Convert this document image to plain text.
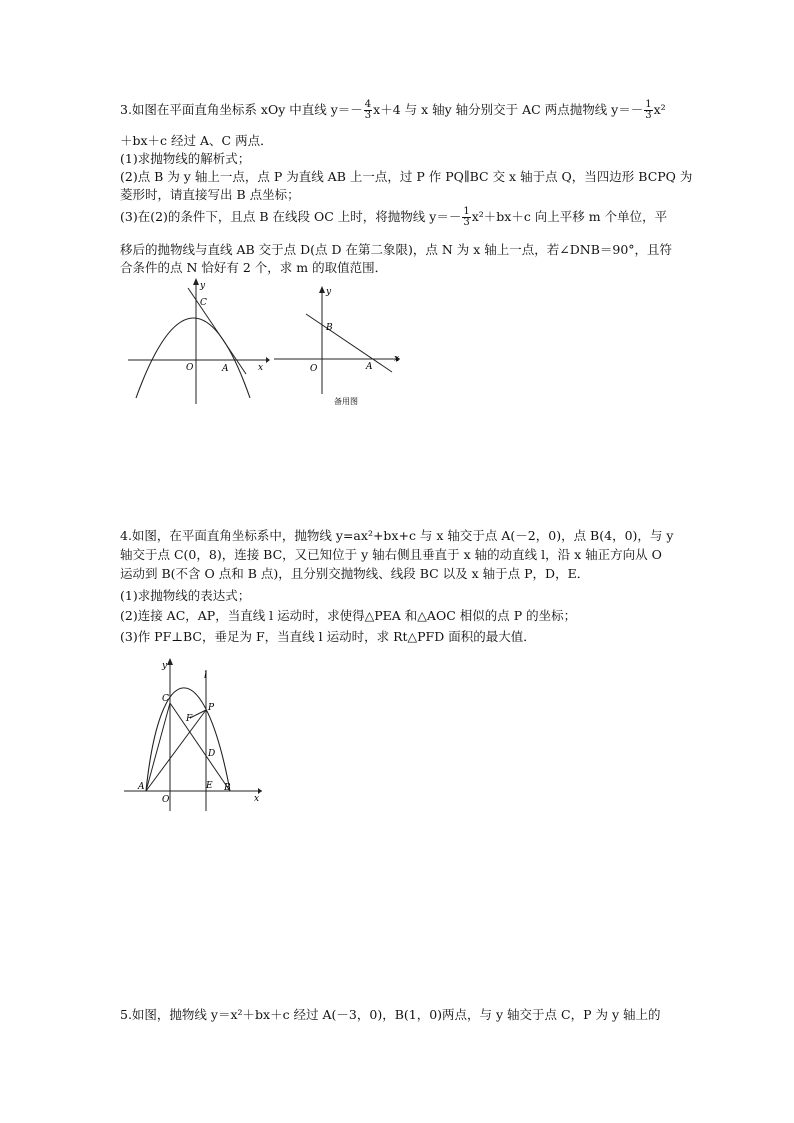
3.如图在平面直角坐标系 xOy 中直线 $y=- \frac{4}{3} x+4$ 与 x 轴y 轴分别交于 AC 两点抛物线 $y=- \frac{1}{3} x^2$
＋bx＋c 经过 A、C 两点．
(1)求抛物线的解析式；
(2)点 B 为 y 轴上一点，点 P 为直线 AB 上一点，过 P 作 PQ∥BC 交 x 轴于点 Q，当四边形 BCPQ 为
菱形时，请直接写出 B 点坐标；
(3)在(2)的条件下，且点 B 在线段 OC 上时，将抛物线 $y=- \frac{1}{3} x^2+bx+c$ 向上平移 m 个单位，平
移后的抛物线与直线 AB 交于点 D(点 D 在第二象限)，点 N 为 x 轴上一点，若∠DNB＝90°，且符
合条件的点 N 恰好有 2 个，求 m 的取值范围．
y
x
O	A
C
y
x
O	A
B
备用图
4.如图，在平面直角坐标系中，抛物线 y=ax²+bx+c 与 x 轴交于点 A(－2，0)，点 B(4，0)，与 y
轴交于点 C(0，8)，连接 BC，又已知位于 y 轴右侧且垂直于 x 轴的动直线 l，沿 x 轴正方向从 O
运动到 B(不含 O 点和 B 点)，且分别交抛物线、线段 BC 以及 x 轴于点 P，D，E．
(1)求抛物线的表达式；
(2)连接 AC，AP，当直线 l 运动时，求使得△PEA 和△AOC 相似的点 P 的坐标；
(3)作 PF⊥BC，垂足为 F，当直线 l 运动时，求 Rt△PFD 面积的最大值．
y
l
x
O
A	B
C
D
E
F
P
5.如图，抛物线 y＝x²＋bx＋c 经过 A(－3，0)，B(1，0)两点，与 y 轴交于点 C，P 为 y 轴上的
